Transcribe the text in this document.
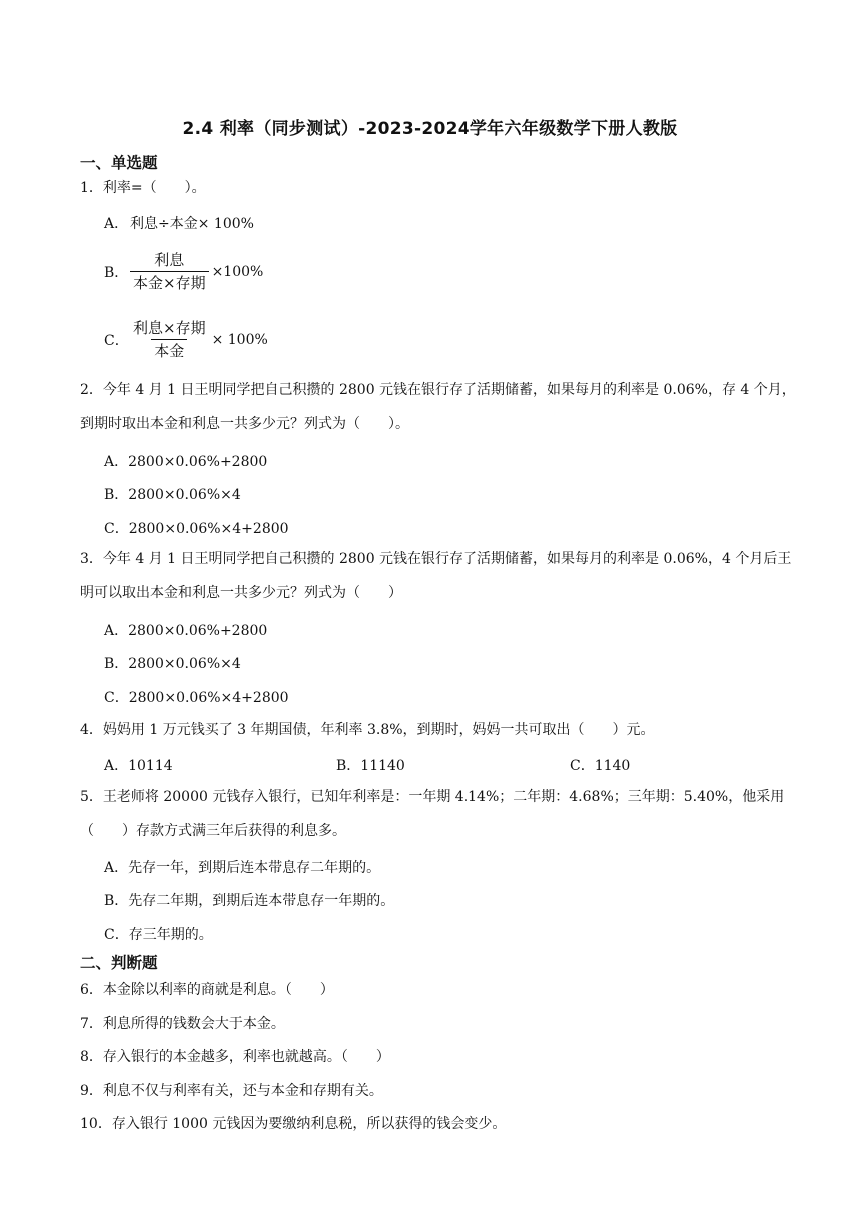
2.4 利率（同步测试）-2023-2024学年六年级数学下册人教版
一、单选题
1．利率=（　　）。
A． 利息÷本金× 100%
B． $\frac{\text{利息}}{\text{本金×存期}} \times 100\%$
C． $\frac{\text{利息×存期}}{\text{本金}} \times 100\%$
2．今年 4 月 1 日王明同学把自己积攒的 2800 元钱在银行存了活期储蓄，如果每月的利率是 0.06%，存 4 个月，到期时取出本金和利息一共多少元？列式为（　　）。
A．2800×0.06%+2800
B．2800×0.06%×4
C．2800×0.06%×4+2800
3．今年 4 月 1 日王明同学把自己积攒的 2800 元钱在银行存了活期储蓄，如果每月的利率是 0.06%，4 个月后王明可以取出本金和利息一共多少元？列式为（　　）
A．2800×0.06%+2800
B．2800×0.06%×4
C．2800×0.06%×4+2800
4．妈妈用 1 万元钱买了 3 年期国债，年利率 3.8%，到期时，妈妈一共可取出（　　）元。
A．10114	B．11140	C．1140
5．王老师将 20000 元钱存入银行，已知年利率是：一年期 4.14%；二年期：4.68%；三年期：5.40%，他采用（　　）存款方式满三年后获得的利息多。
A．先存一年，到期后连本带息存二年期的。
B．先存二年期，到期后连本带息存一年期的。
C．存三年期的。
二、判断题
6．本金除以利率的商就是利息。（　　）
7．利息所得的钱数会大于本金。
8．存入银行的本金越多，利率也就越高。（　　）
9．利息不仅与利率有关，还与本金和存期有关。
10．存入银行 1000 元钱因为要缴纳利息税，所以获得的钱会变少。
